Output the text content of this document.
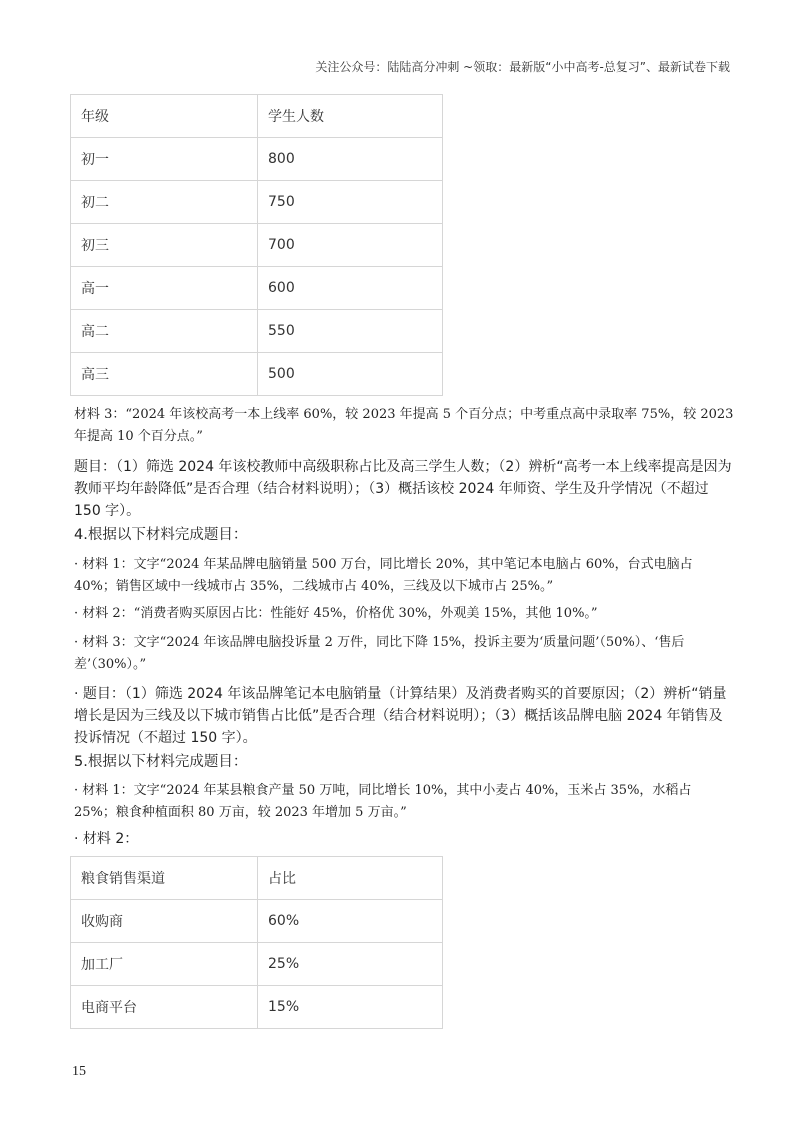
关注公众号：陆陆高分冲刺 ~领取：最新版“小中高考-总复习”、最新试卷下载
年级	学生人数
初一	800
初二	750
初三	700
高一	600
高二	550
高三	500
材料 3：“2024 年该校高考一本上线率 60%，较 2023 年提高 5 个百分点；中考重点高中录取率 75%，较 2023 年提高 10 个百分点。”
题目：（1）筛选 2024 年该校教师中高级职称占比及高三学生人数；（2）辨析“高考一本上线率提高是因为教师平均年龄降低”是否合理（结合材料说明）；（3）概括该校 2024 年师资、学生及升学情况（不超过 150 字）。
4.根据以下材料完成题目：
· 材料 1：文字“2024 年某品牌电脑销量 500 万台，同比增长 20%，其中笔记本电脑占 60%，台式电脑占 40%；销售区域中一线城市占 35%，二线城市占 40%，三线及以下城市占 25%。”
· 材料 2：“消费者购买原因占比：性能好 45%，价格优 30%，外观美 15%，其他 10%。”
· 材料 3：文字“2024 年该品牌电脑投诉量 2 万件，同比下降 15%，投诉主要为‘质量问题’（50%）、‘售后差’（30%）。”
· 题目：（1）筛选 2024 年该品牌笔记本电脑销量（计算结果）及消费者购买的首要原因；（2）辨析“销量增长是因为三线及以下城市销售占比低”是否合理（结合材料说明）；（3）概括该品牌电脑 2024 年销售及投诉情况（不超过 150 字）。
5.根据以下材料完成题目：
· 材料 1：文字“2024 年某县粮食产量 50 万吨，同比增长 10%，其中小麦占 40%，玉米占 35%，水稻占 25%；粮食种植面积 80 万亩，较 2023 年增加 5 万亩。”
· 材料 2：
粮食销售渠道	占比
收购商	60%
加工厂	25%
电商平台	15%
15
